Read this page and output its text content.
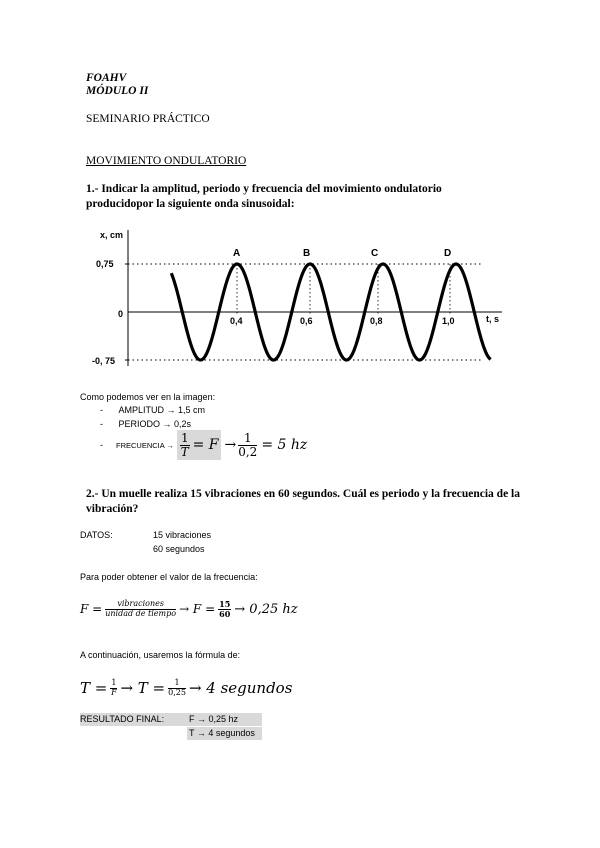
FOAHV
MÓDULO II
SEMINARIO PRÁCTICO
MOVIMIENTO ONDULATORIO
1.- Indicar la amplitud, periodo y frecuencia del movimiento ondulatorio producidopor la siguiente onda sinusoidal:
x, cm
t, s
0,75
0
-0, 75
0,4	0,6	0,8	1,0
A	B	C	D
Como podemos ver en la imagen:
- AMPLITUD → 1,5 cm
- PERIODO → 0,2s
- FRECUENCIA → $\frac{1}{T} = F \to \frac{1}{0,2} = 5$ hz
2.- Un muelle realiza 15 vibraciones en 60 segundos. Cuál es periodo y la frecuencia de la vibración?
DATOS:	15 vibraciones
60 segundos
Para poder obtener el valor de la frecuencia:
$F = \frac{\text{vibraciones}}{\text{unidad de tiempo}} \to F = \frac{15}{60} \to 0,25$ hz
A continuación, usaremos la fórmula de:
$T = \frac{1}{F} \to T = \frac{1}{0,25} \to 4$ segundos
RESULTADO FINAL:	F → 0,25 hz
T → 4 segundos
